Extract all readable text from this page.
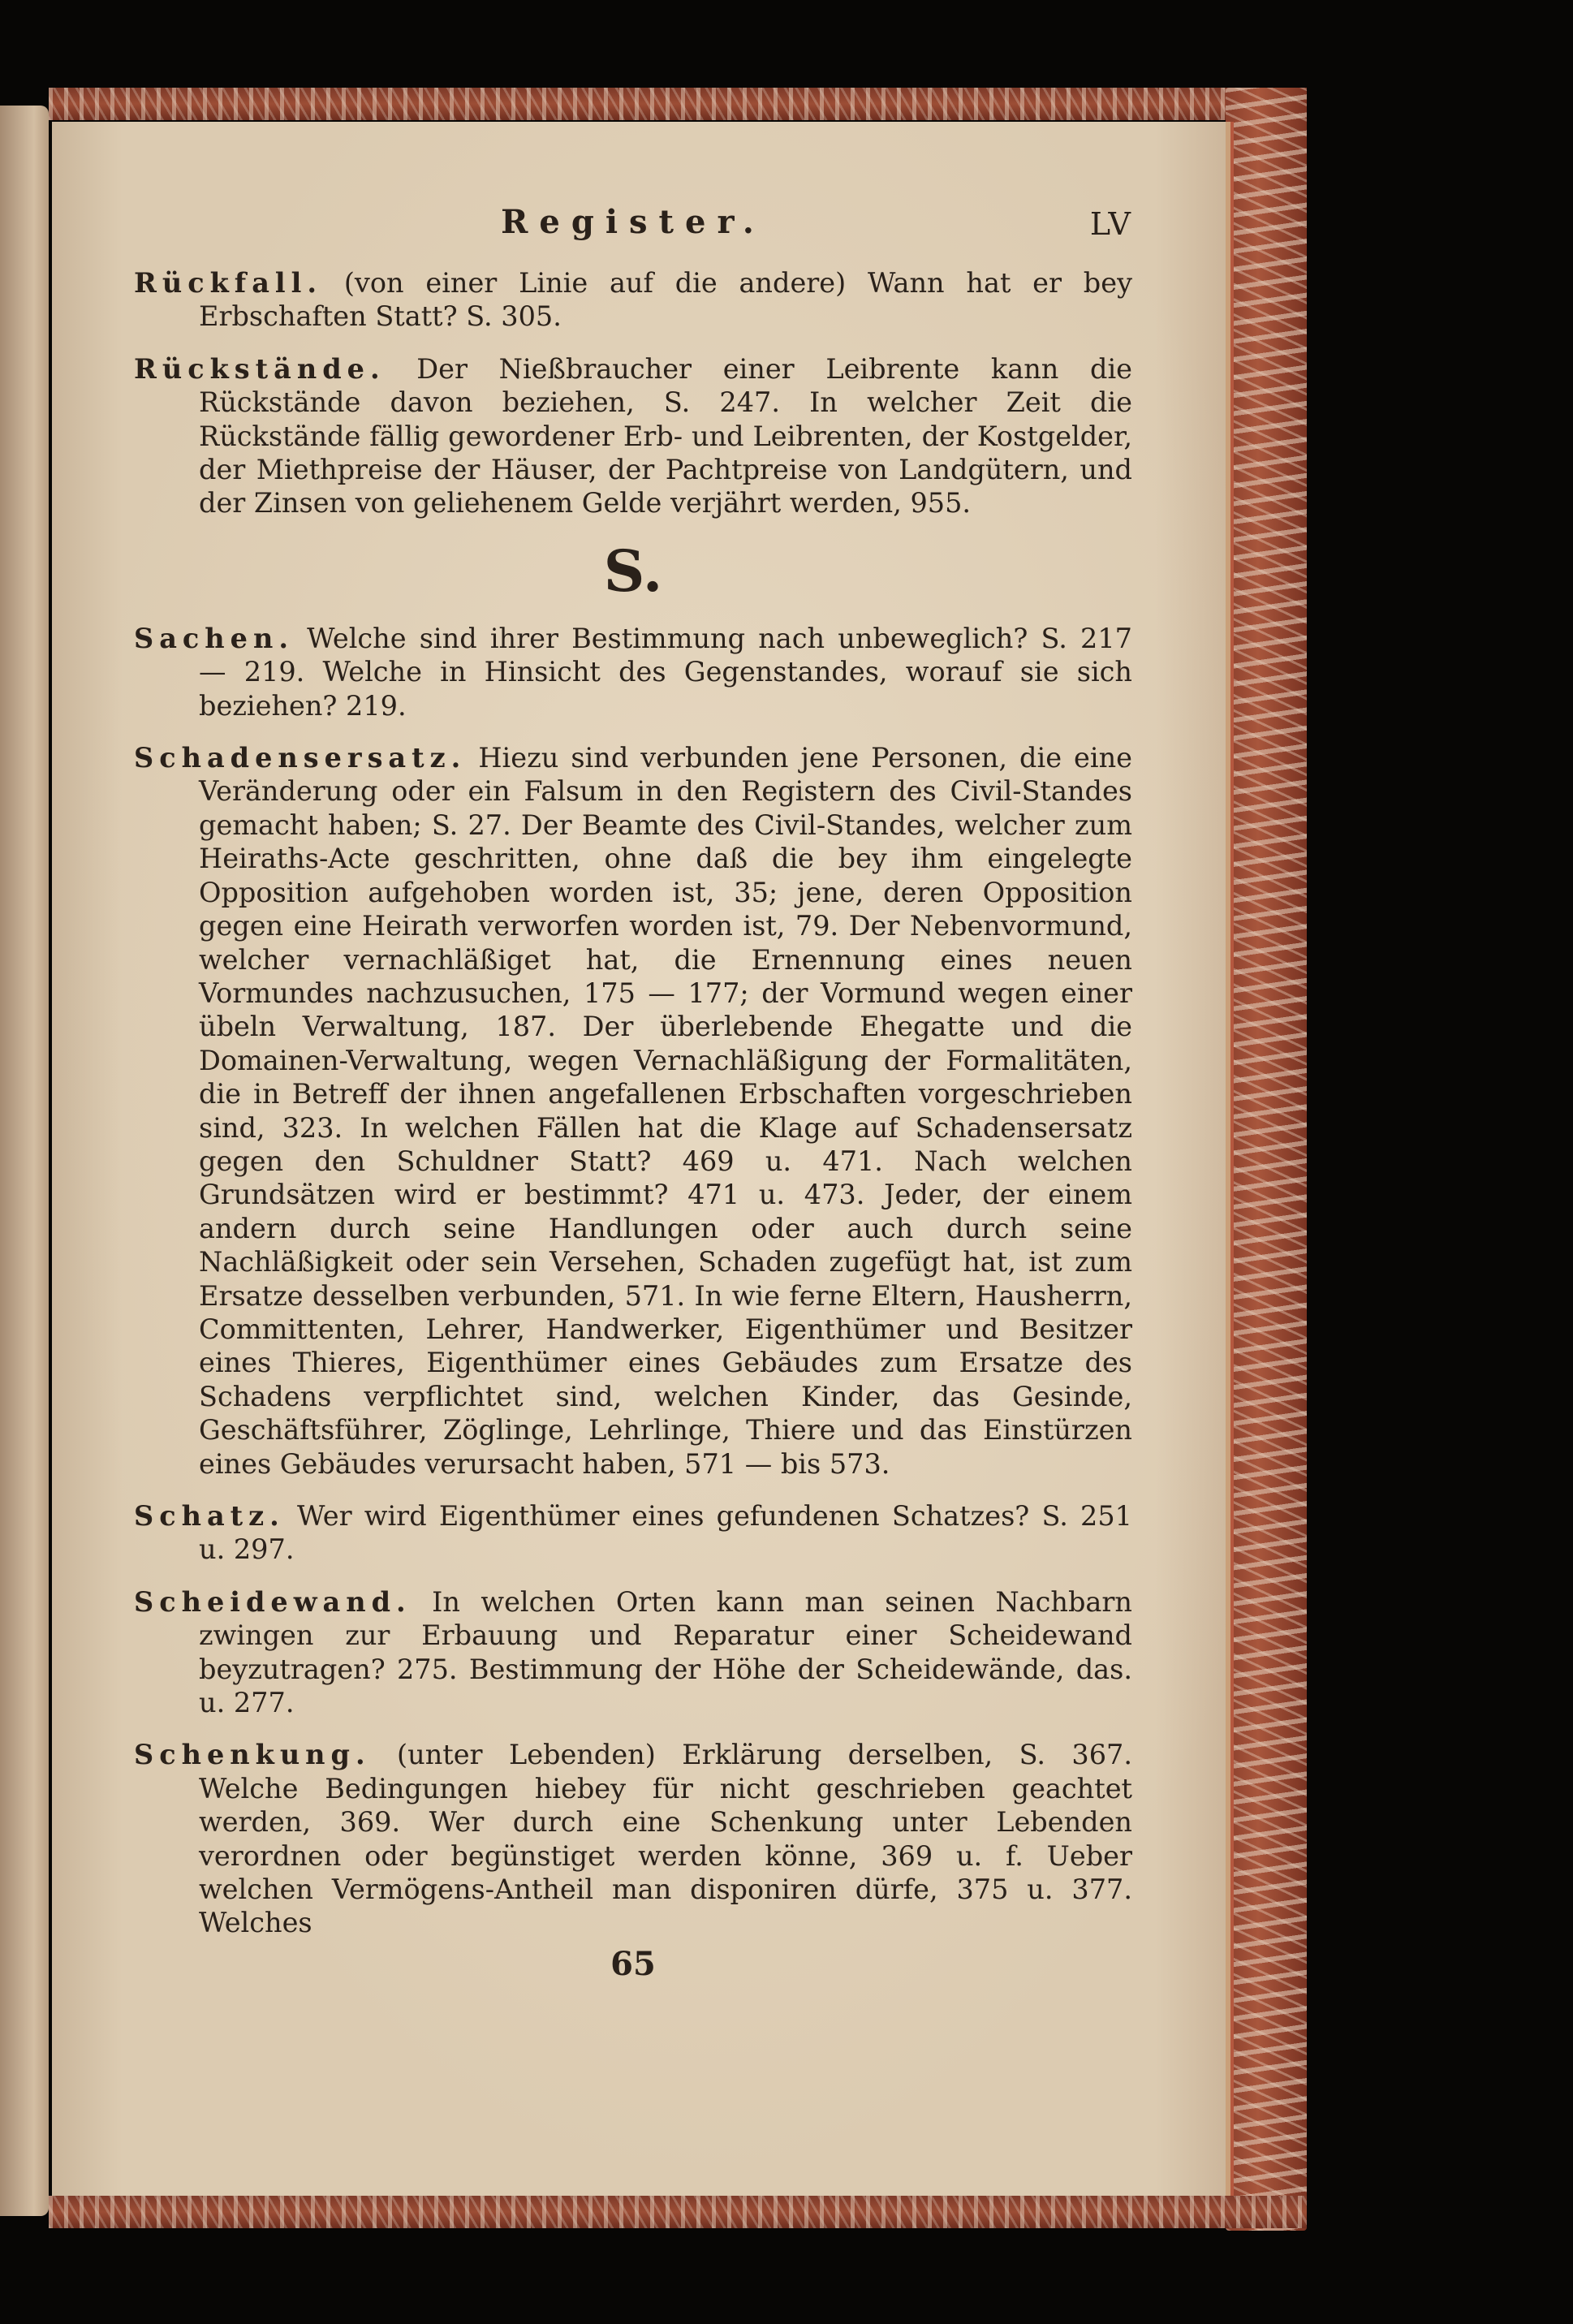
Register.	LV

Rückfall. (von einer Linie auf die andere) Wann hat er bey Erbschaften Statt? S. 305.

Rückstände. Der Nießbraucher einer Leibrente kann die Rückstände davon beziehen, S. 247. In welcher Zeit die Rückstände fällig gewordener Erb- und Leibrenten, der Kostgelder, der Miethpreise der Häuser, der Pachtpreise von Landgütern, und der Zinsen von geliehenem Gelde verjährt werden, 955.

S.

Sachen. Welche sind ihrer Bestimmung nach unbeweglich? S. 217 — 219. Welche in Hinsicht des Gegenstandes, worauf sie sich beziehen? 219.

Schadensersatz. Hiezu sind verbunden jene Personen, die eine Veränderung oder ein Falsum in den Registern des Civil-Standes gemacht haben; S. 27. Der Beamte des Civil-Standes, welcher zum Heiraths-Acte geschritten, ohne daß die bey ihm eingelegte Opposition aufgehoben worden ist, 35; jene, deren Opposition gegen eine Heirath verworfen worden ist, 79. Der Nebenvormund, welcher vernachläßiget hat, die Ernennung eines neuen Vormundes nachzusuchen, 175 — 177; der Vormund wegen einer übeln Verwaltung, 187. Der überlebende Ehegatte und die Domainen-Verwaltung, wegen Vernachläßigung der Formalitäten, die in Betreff der ihnen angefallenen Erbschaften vorgeschrieben sind, 323. In welchen Fällen hat die Klage auf Schadensersatz gegen den Schuldner Statt? 469 u. 471. Nach welchen Grundsätzen wird er bestimmt? 471 u. 473. Jeder, der einem andern durch seine Handlungen oder auch durch seine Nachläßigkeit oder sein Versehen, Schaden zugefügt hat, ist zum Ersatze desselben verbunden, 571. In wie ferne Eltern, Hausherrn, Committenten, Lehrer, Handwerker, Eigenthümer und Besitzer eines Thieres, Eigenthümer eines Gebäudes zum Ersatze des Schadens verpflichtet sind, welchen Kinder, das Gesinde, Geschäftsführer, Zöglinge, Lehrlinge, Thiere und das Einstürzen eines Gebäudes verursacht haben, 571 — bis 573.

Schatz. Wer wird Eigenthümer eines gefundenen Schatzes? S. 251 u. 297.

Scheidewand. In welchen Orten kann man seinen Nachbarn zwingen zur Erbauung und Reparatur einer Scheidewand beyzutragen? 275. Bestimmung der Höhe der Scheidewände, das. u. 277.

Schenkung. (unter Lebenden) Erklärung derselben, S. 367. Welche Bedingungen hiebey für nicht geschrieben geachtet werden, 369. Wer durch eine Schenkung unter Lebenden verordnen oder begünstiget werden könne, 369 u. f. Ueber welchen Vermögens-Antheil man disponiren dürfe, 375 u. 377. Welches

65
